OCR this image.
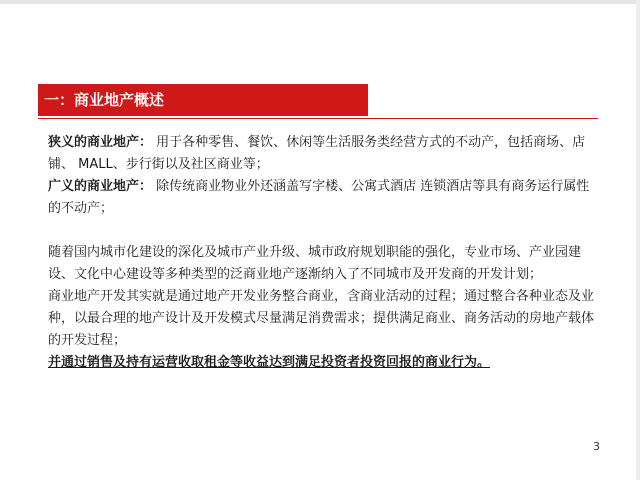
一：商业地产概述

狭义的商业地产： 用于各种零售、餐饮、休闲等生活服务类经营方式的不动产，包括商场、店铺、 MALL、步行街以及社区商业等；

广义的商业地产： 除传统商业物业外还涵盖写字楼、公寓式酒店 连锁酒店等具有商务运行属性的不动产；

随着国内城市化建设的深化及城市产业升级、城市政府规划职能的强化，专业市场、产业园建设、文化中心建设等多种类型的泛商业地产逐渐纳入了不同城市及开发商的开发计划；

商业地产开发其实就是通过地产开发业务整合商业，含商业活动的过程；通过整合各种业态及业种，以最合理的地产设计及开发模式尽量满足消费需求；提供满足商业、商务活动的房地产载体的开发过程；

并通过销售及持有运营收取租金等收益达到满足投资者投资回报的商业行为。

3
